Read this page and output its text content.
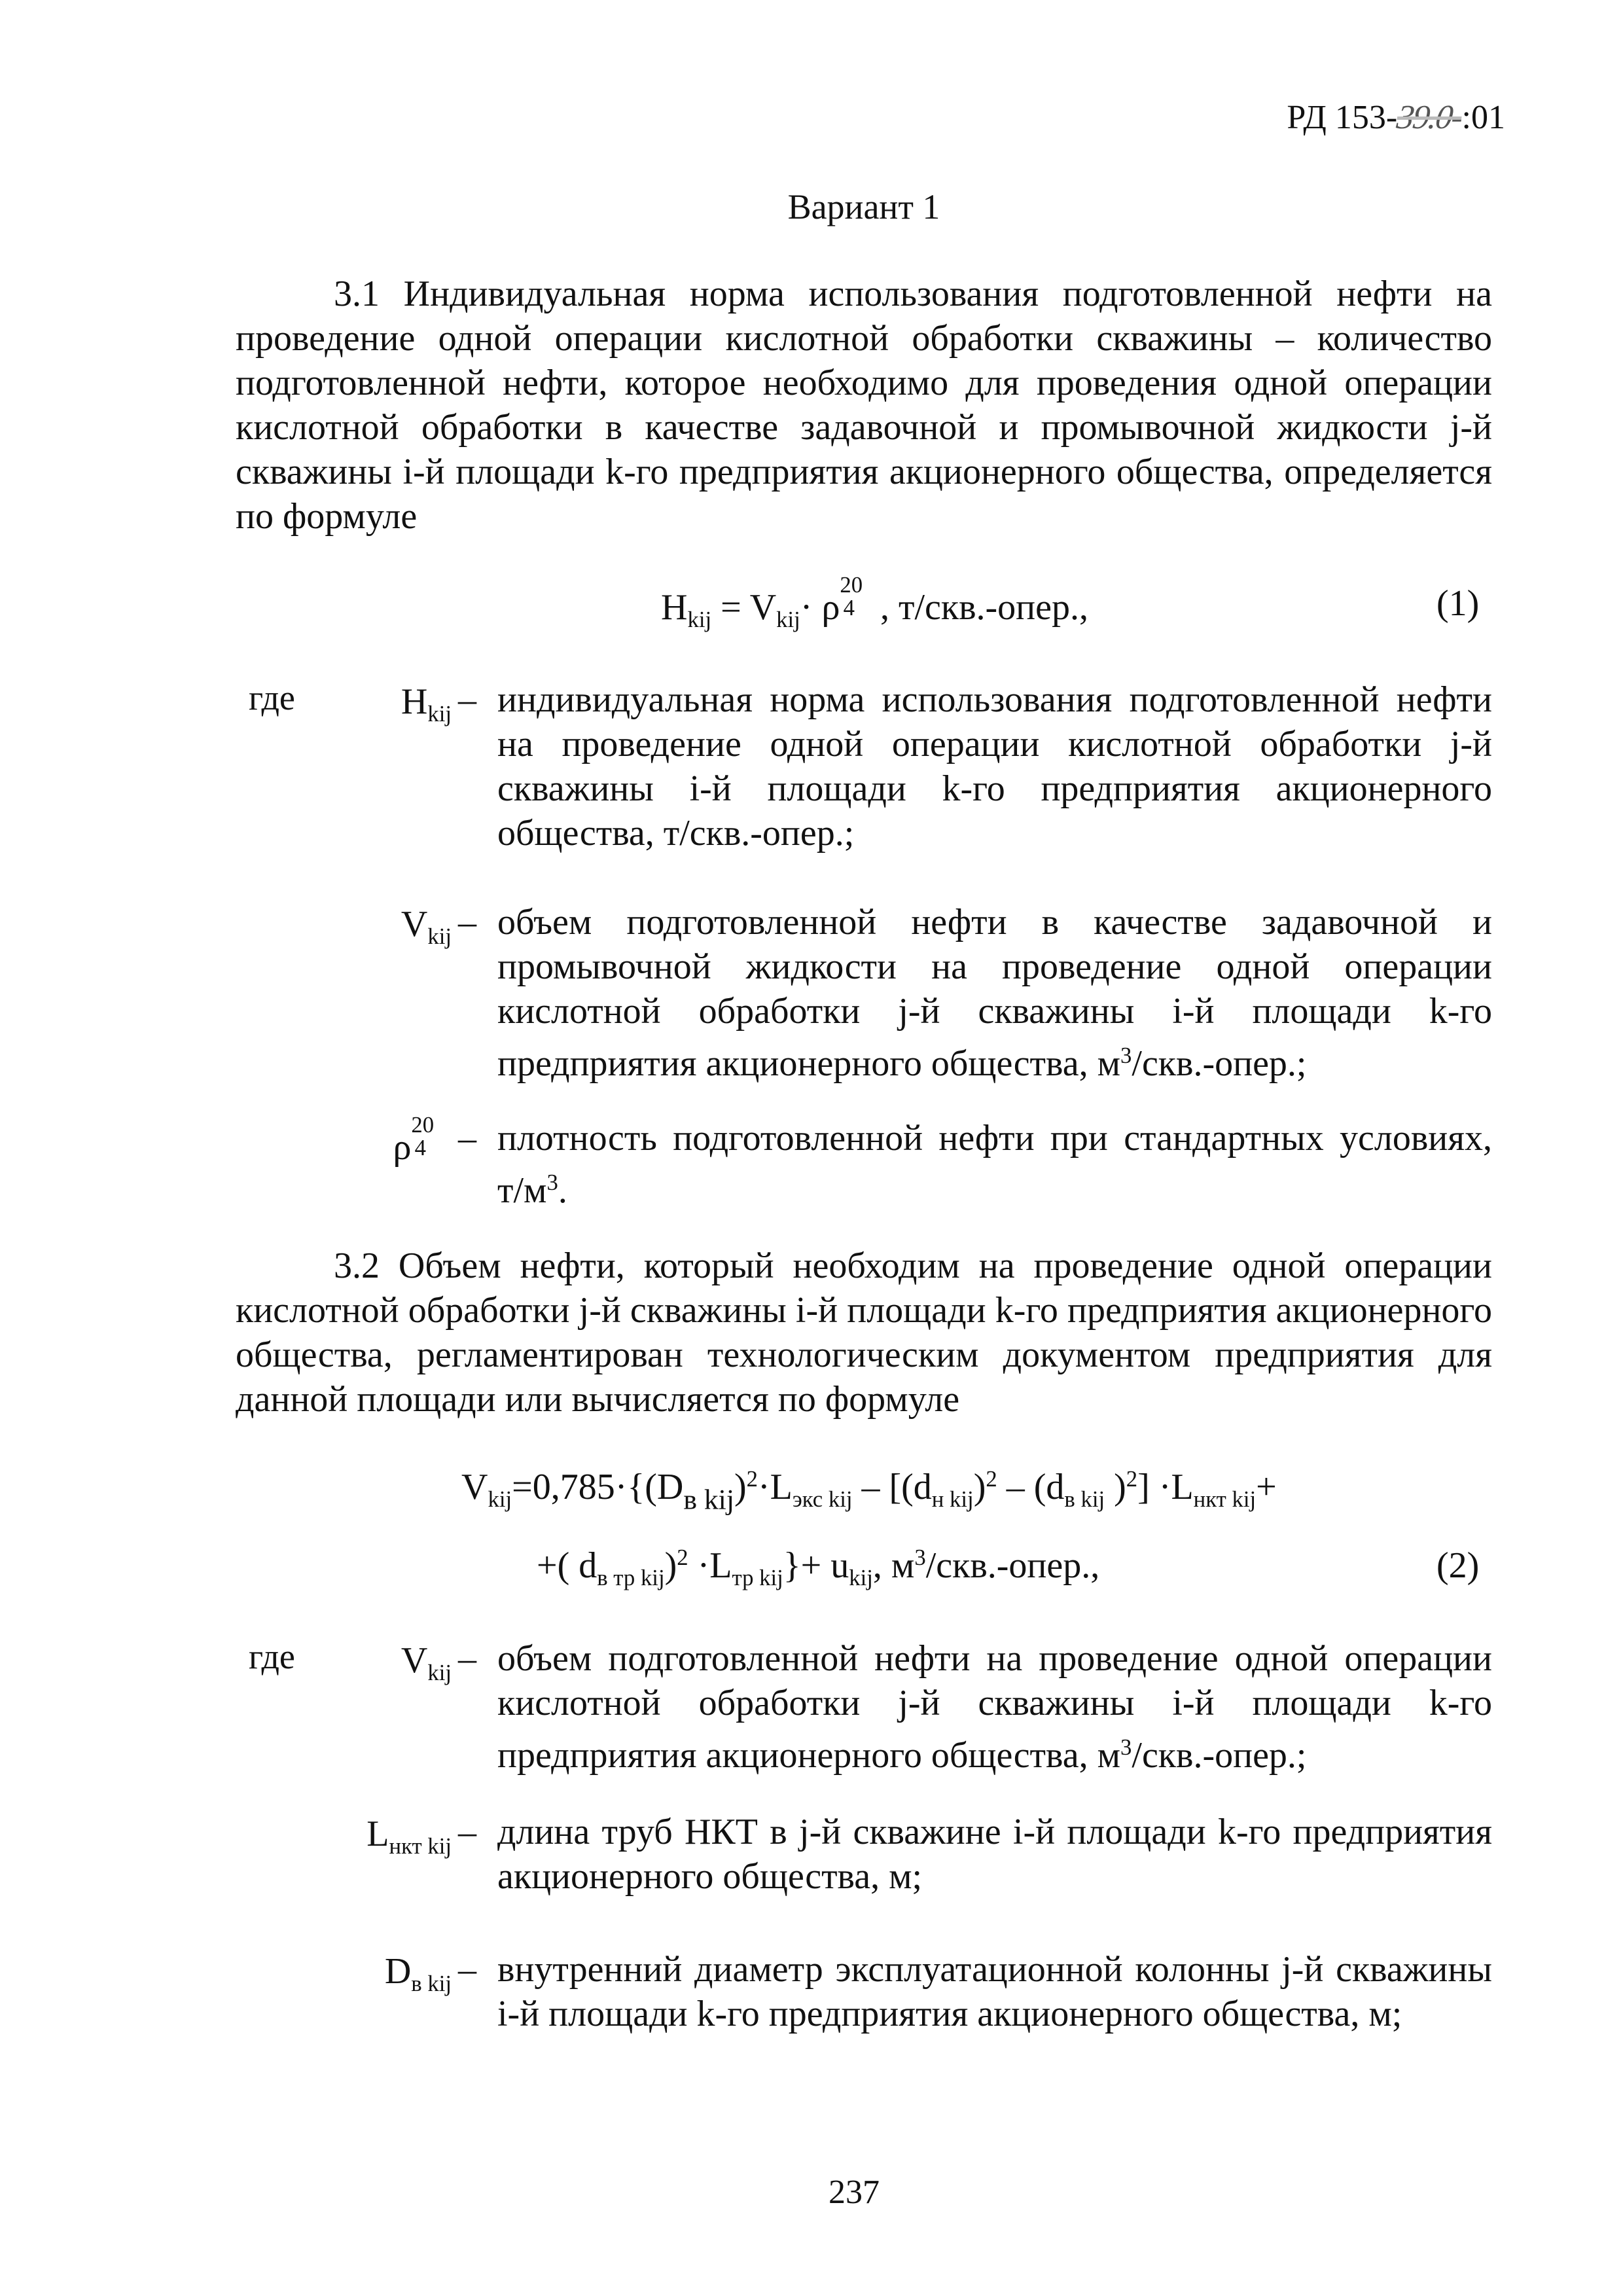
РД 153-39.0-:01
Вариант 1

3.1 Индивидуальная норма использования подготовленной нефти на проведение одной операции кислотной обработки скважины – количество подготовленной нефти, которое необходимо для проведения одной операции кислотной обработки в качестве задавочной и промывочной жидкости j-й скважины i-й площади k-го предприятия акционерного общества, определяется по формуле

$H_{kij} = V_{kij}\cdot \rho$
20
4 , т/скв.-опер.,	(1)
где	$H_{kij}$ – индивидуальная норма использования подготовленной нефти на проведение одной операции кислотной обработки j-й скважины i-й площади k-го предприятия акционерного общества, т/скв.-опер.;

$V_{kij}$ – объем подготовленной нефти в качестве задавочной и промывочной жидкости на проведение одной операции кислотной обработки j-й скважины i-й площади k-го предприятия акционерного общества, $м^3/скв$.-опер.;

ρ
20
4 – плотность подготовленной нефти при стандартных условиях, $т/м^3$.

3.2 Объем нефти, который необходим на проведение одной операции кислотной обработки j-й скважины i-й площади k-го предприятия акционерного общества, регламентирован технологическим документом предприятия для данной площади или вычисляется по формуле

$V_{kij}=0,785\cdot\{(D_{в kij})^2\cdot L_{экс kij} - [(d_{н kij})^2 - (d_{в kij}$ )$^2] \cdot L_{нкт kij}+$
+( $d_{в тр kij})^2 \cdot L_{тр kij}\}+ u_{kij}$, $м^3/скв$.-опер.,	(2)
где	$V_{kij}$ – объем подготовленной нефти на проведение одной операции кислотной обработки j-й скважины i-й площади k-го предприятия акционерного общества, $м^3/скв$.-опер.;

$L_{нкт kij}$ – длина труб НКТ в j-й скважине i-й площади k-го предприятия акционерного общества, м;

$D_{в kij}$ – внутренний диаметр эксплуатационной колонны j-й скважины i-й площади k-го предприятия акционерного общества, м;

237
